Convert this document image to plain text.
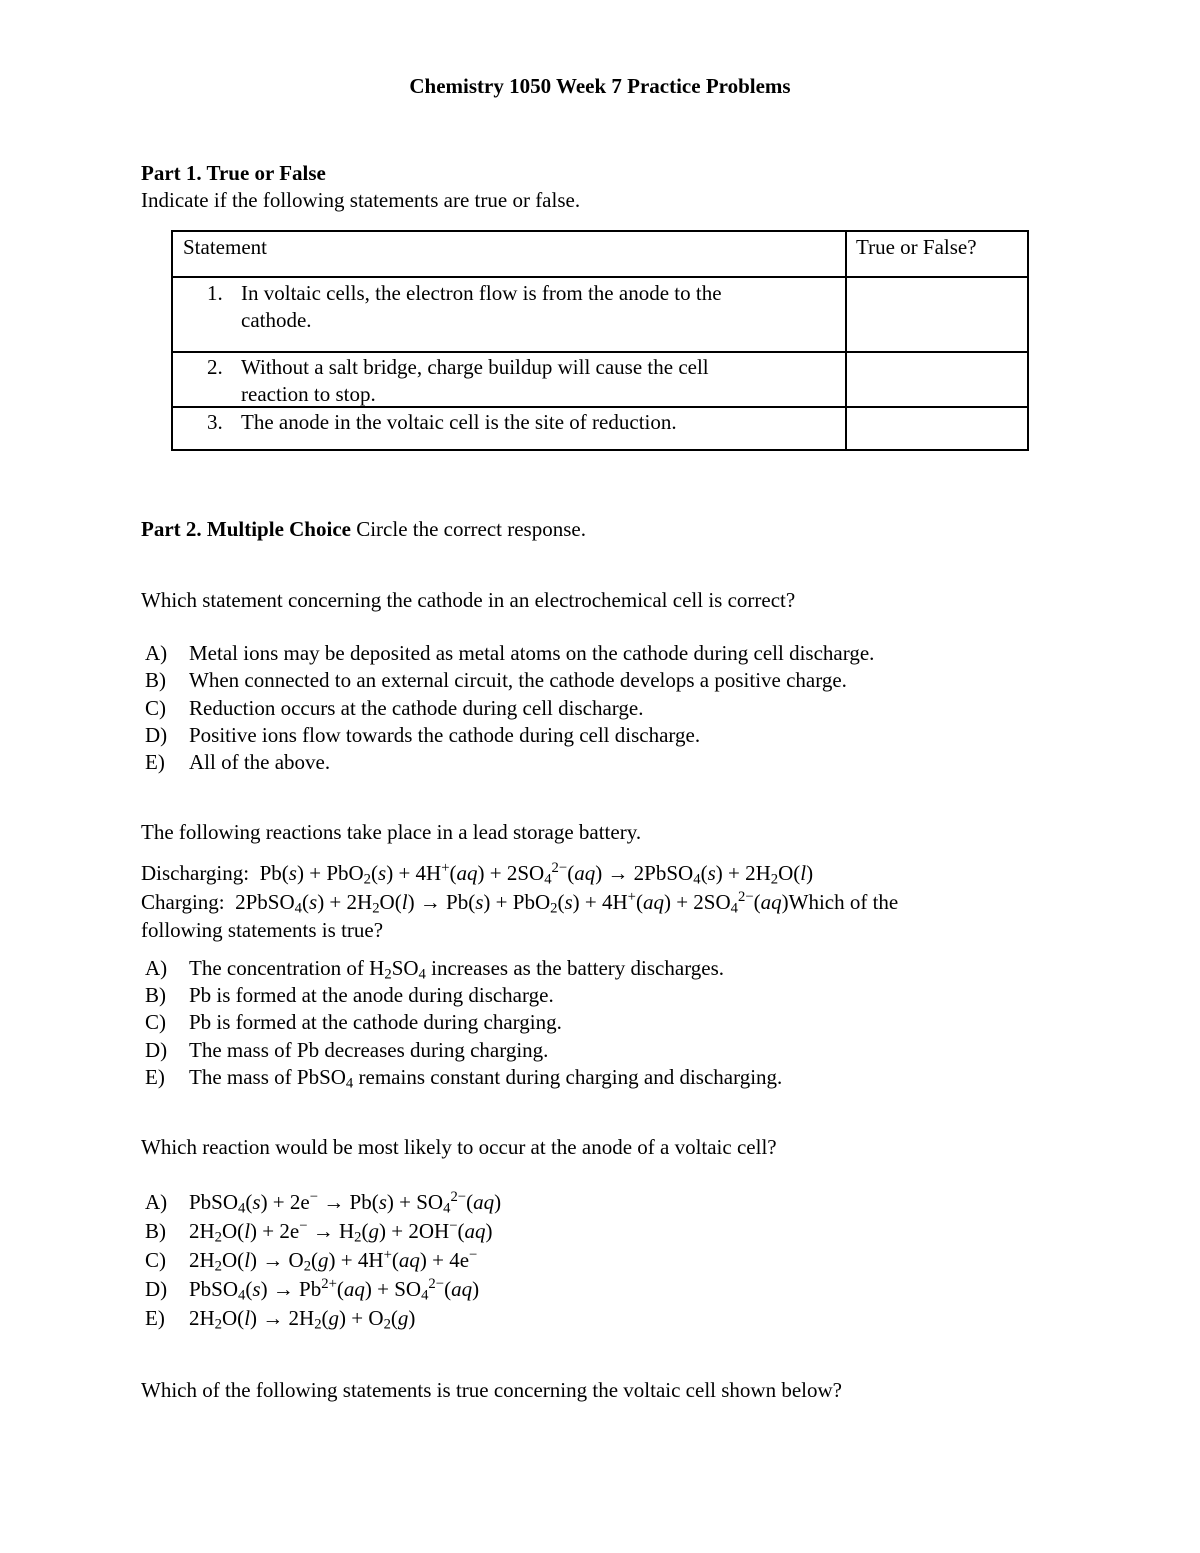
Chemistry 1050 Week 7 Practice Problems
Part 1. True or False
Indicate if the following statements are true or false.
Statement	True or False?
1. In voltaic cells, the electron flow is from the anode to the
cathode.
2. Without a salt bridge, charge buildup will cause the cell
reaction to stop.
3. The anode in the voltaic cell is the site of reduction.
Part 2. Multiple Choice Circle the correct response.
Which statement concerning the cathode in an electrochemical cell is correct?
A) Metal ions may be deposited as metal atoms on the cathode during cell discharge.
B) When connected to an external circuit, the cathode develops a positive charge.
C) Reduction occurs at the cathode during cell discharge.
D) Positive ions flow towards the cathode during cell discharge.
E) All of the above.
The following reactions take place in a lead storage battery.
Discharging:  $Pb(s) + PbO_2(s) + 4H^+(aq) + 2SO_4^{2-}(aq)$ → 2PbSO$_4$(s) + $2H_2O(l)$
Charging:  2PbSO$_4$(s) + $2H_2O(l) \to Pb(s) + PbO_2(s) + 4H^+(aq)$ + $2SO_4^{2-}(aq)Which$ of the
following statements is true?
A) The concentration of $H_2SO_4$ increases as the battery discharges.
B) Pb is formed at the anode during discharge.
C) Pb is formed at the cathode during charging.
D) The mass of Pb decreases during charging.
E) The mass of PbSO$_4$ remains constant during charging and discharging.
Which reaction would be most likely to occur at the anode of a voltaic cell?
A) PbSO$_4$(s) + $2e^- \to Pb(s) + SO_4^{2-}(aq)$
B) $2H_2O(l) + 2e^- \to H_2(g) + 2OH^-(aq)$
C) $2H_2O(l) \to O_2(g) + 4H^+(aq) + 4e^-$
D) PbSO$_4$(s) → $Pb^{2+}(aq) + SO_4^{2-}(aq)$
E) $2H_2O(l) \to 2H_2(g) + O_2(g)$
Which of the following statements is true concerning the voltaic cell shown below?
